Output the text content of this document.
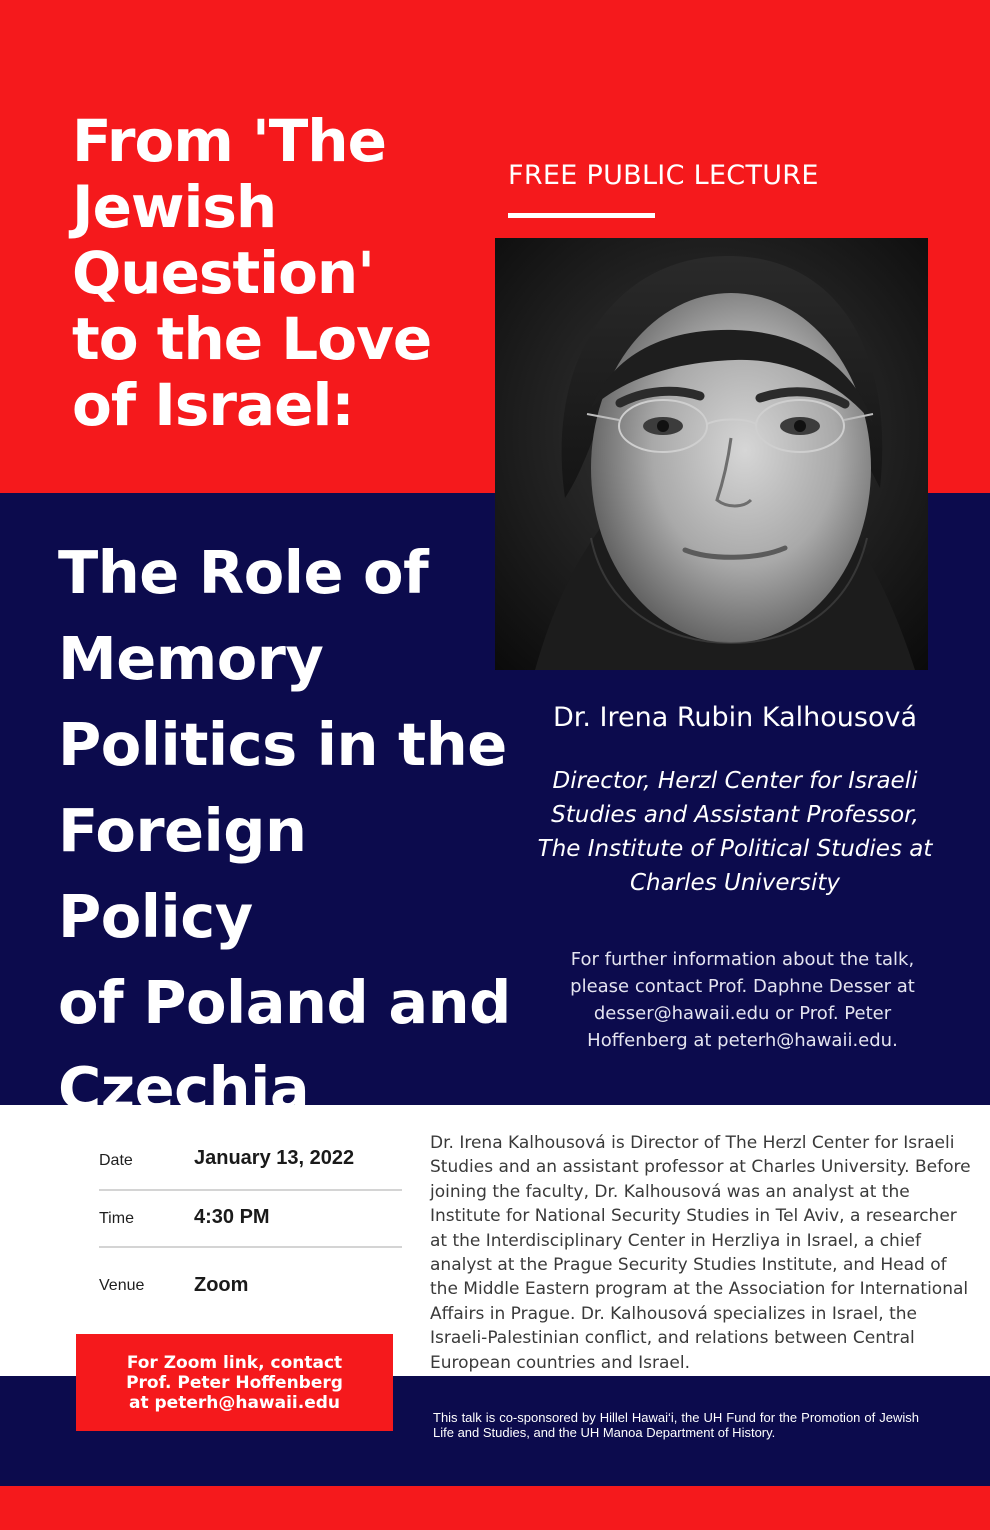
From 'The
Jewish
Question'
to the Love
of Israel:
FREE PUBLIC LECTURE
The Role of
Memory
Politics in the
Foreign Policy
of Poland and
Czechia
Dr. Irena Rubin Kalhousová
Director, Herzl Center for Israeli
Studies and Assistant Professor,
The Institute of Political Studies at
Charles University
For further information about the talk,
please contact Prof. Daphne Desser at
desser@hawaii.edu or Prof. Peter
Hoffenberg at peterh@hawaii.edu.
Date	January 13, 2022
Time	4:30 PM
Venue Zoom
For Zoom link, contact
Prof. Peter Hoffenberg
at peterh@hawaii.edu

Dr. Irena Kalhousová is Director of The Herzl Center for Israeli Studies and an assistant professor at Charles University. Before joining the faculty, Dr. Kalhousová was an analyst at the Institute for National Security Studies in Tel Aviv, a researcher at the Interdisciplinary Center in Herzliya in Israel, a chief analyst at the Prague Security Studies Institute, and Head of the Middle Eastern program at the Association for International Affairs in Prague. Dr. Kalhousová specializes in Israel, the Israeli-Palestinian conflict, and relations between Central European countries and Israel.

This talk is co-sponsored by Hillel Hawai‘i, the UH Fund for the Promotion of Jewish Life and Studies, and the UH Manoa Department of History.
